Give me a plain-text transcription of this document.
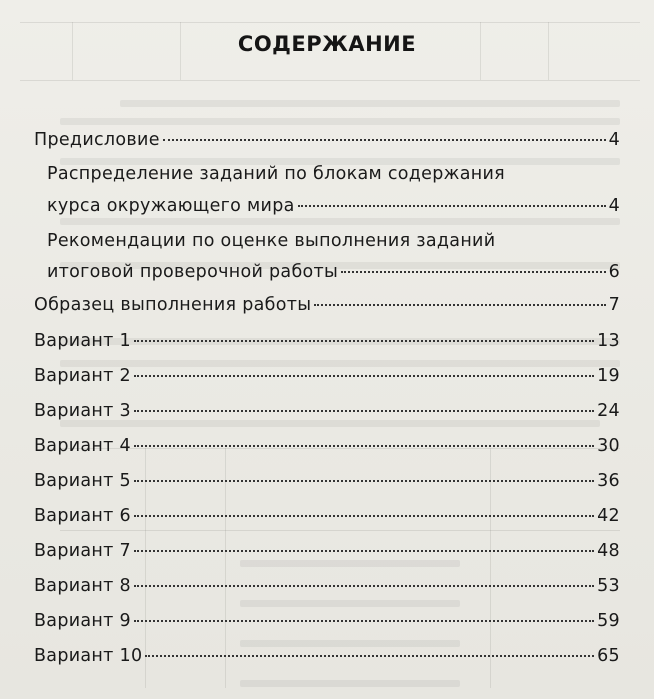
СОДЕРЖАНИЕ
Предисловие	4
Распределение заданий по блокам содержания
курса окружающего мира	4
Рекомендации по оценке выполнения заданий
итоговой проверочной работы	6
Образец выполнения работы	7
Вариант 1	13
Вариант 2	19
Вариант 3	24
Вариант 4	30
Вариант 5	36
Вариант 6	42
Вариант 7	48
Вариант 8	53
Вариант 9	59
Вариант 10	65
